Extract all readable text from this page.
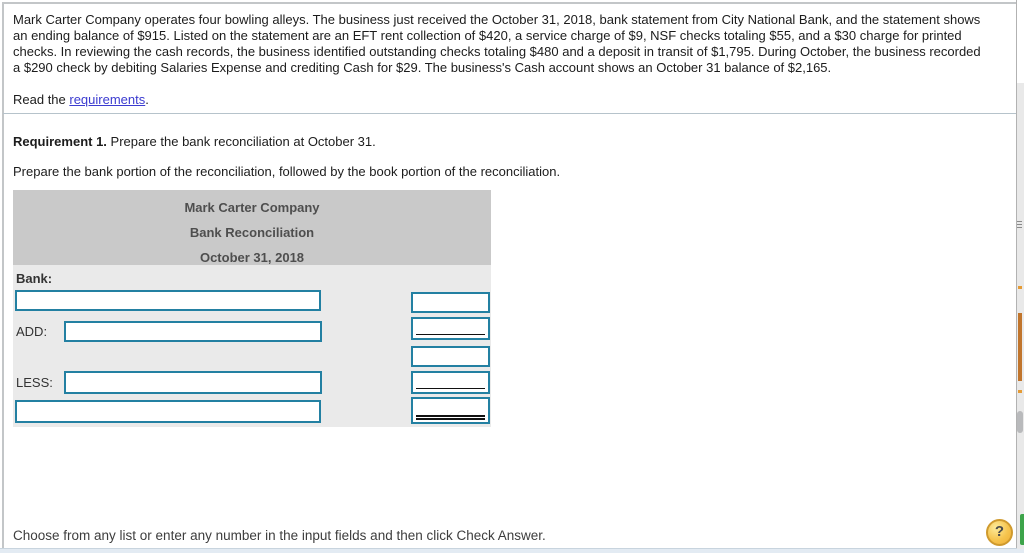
Mark Carter Company operates four bowling alleys. The business just received the October 31, 2018, bank statement from City National Bank, and the statement shows
an ending balance of $915. Listed on the statement are an EFT rent collection of $420, a service charge of $9, NSF checks totaling $55, and a $30 charge for printed
checks. In reviewing the cash records, the business identified outstanding checks totaling $480 and a deposit in transit of $1,795. During October, the business recorded
a $290 check by debiting Salaries Expense and crediting Cash for $29. The business's Cash account shows an October 31 balance of $2,165.
Read the requirements.
Requirement 1. Prepare the bank reconciliation at October 31.
Prepare the bank portion of the reconciliation, followed by the book portion of the reconciliation.
Mark Carter Company
Bank Reconciliation
October 31, 2018
Bank:
ADD:
LESS:
Choose from any list or enter any number in the input fields and then click Check Answer.	?
